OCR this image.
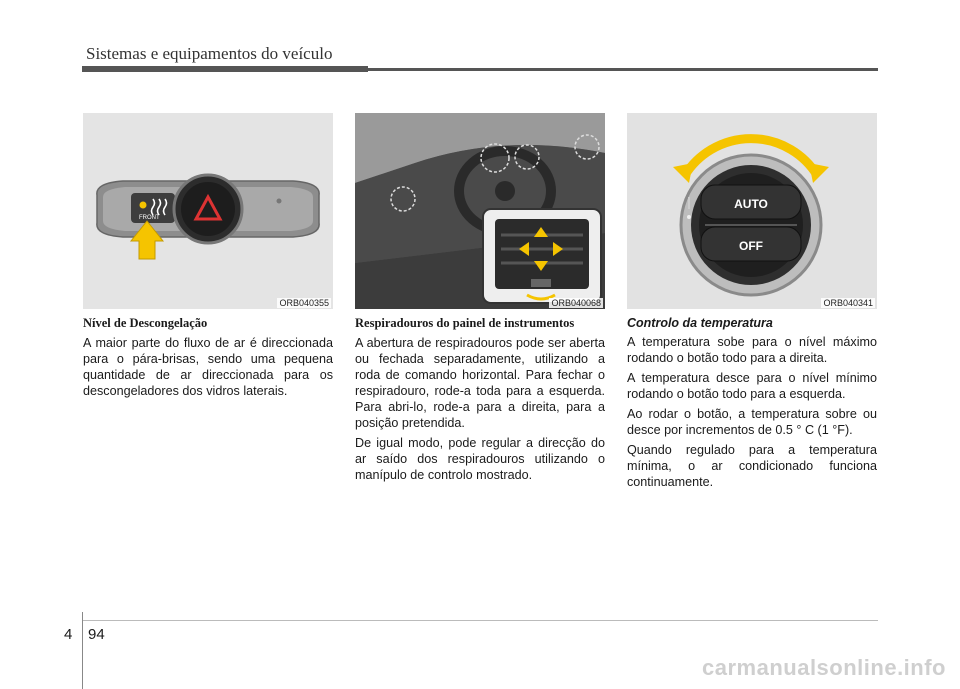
Sistemas e equipamentos do veículo
FRONT
ORB040355
Nível de Descongelação

A maior parte do fluxo de ar é direccionada para o pára-brisas, sendo uma pequena quantidade de ar direccionada para os descongeladores dos vidros laterais.

ORB040068
Respiradouros do painel de instrumentos

A abertura de respiradouros pode ser aberta ou fechada separadamente, utilizando a roda de comando horizontal. Para fechar o respiradouro, rode-a toda para a esquerda. Para abri-lo, rode-a para a direita, para a posição pretendida.

De igual modo, pode regular a direcção do ar saído dos respiradouros utilizando o manípulo de controlo mostrado.

AUTO
OFF
ORB040341
Controlo da temperatura

A temperatura sobe para o nível máximo rodando o botão todo para a direita.

A temperatura desce para o nível mínimo rodando o botão todo para a esquerda.

Ao rodar o botão, a temperatura sobre ou desce por incrementos de 0.5 ° C (1 °F).

Quando regulado para a temperatura mínima, o ar condicionado funciona continuamente.

4 94
carmanualsonline.info
